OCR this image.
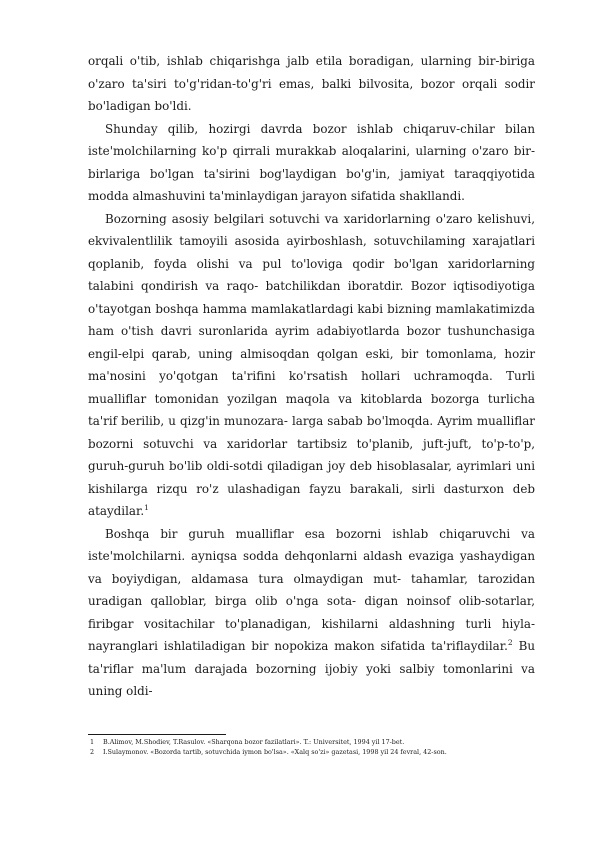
orqali o'tib, ishlab chiqarishga jalb etila boradigan, ularning bir-biriga o'zaro ta'siri to'g'ridan-to'g'ri emas, balki bilvosita, bozor orqali sodir bo'ladigan bo'ldi.

Shunday qilib, hozirgi davrda bozor ishlab chiqaruv-chilar bilan iste'molchilarning ko'p qirrali murakkab aloqalarini, ularning o'zaro bir-birlariga bo'lgan ta'sirini bog'laydigan bo'g'in, jamiyat taraqqiyotida modda almashuvini ta'minlaydigan jarayon sifatida shakllandi.

Bozorning asosiy belgilari sotuvchi va xaridorlarning o'zaro kelishuvi, ekvivalentlilik tamoyili asosida ayirboshlash, sotuvchilaming xarajatlari qoplanib, foyda olishi va pul to'loviga qodir bo'lgan xaridorlarning talabini qondirish va raqo- batchilikdan iboratdir. Bozor iqtisodiyotiga o'tayotgan boshqa hamma mamlakatlardagi kabi bizning mamlakatimizda ham o'tish davri suronlarida ayrim adabiyotlarda bozor tushunchasiga engil-elpi qarab, uning almisoqdan qolgan eski, bir tomonlama, hozir ma'nosini yo'qotgan ta'rifini ko'rsatish hollari uchramoqda. Turli mualliflar tomonidan yozilgan maqola va kitoblarda bozorga turlicha ta'rif berilib, u qizg'in munozara- larga sabab bo'lmoqda. Ayrim mualliflar bozorni sotuvchi va xaridorlar tartibsiz to'planib, juft-juft, to'p-to'p, guruh-guruh bo'lib oldi-sotdi qiladigan joy deb hisoblasalar, ayrimlari uni kishilarga rizqu ro'z ulashadigan fayzu barakali, sirli dasturxon deb ataydilar.$^1$

Boshqa bir guruh mualliflar esa bozorni ishlab chiqaruvchi va iste'molchilarni. ayniqsa sodda dehqonlarni aldash evaziga yashaydigan va boyiydigan, aldamasa tura olmaydigan mut- tahamlar, tarozidan uradigan qalloblar, birga olib o'nga sota- digan noinsof olib-sotarlar, firibgar vositachilar to'planadigan, kishilarni aldashning turli hiyla-nayranglari ishlatiladigan bir nopokiza makon sifatida ta'riflaydilar.$^2$ Bu ta'riflar ma'lum darajada bozorning ijobiy yoki salbiy tomonlarini va uning oldi-

1 B.Alimov, M.Shodiev, T.Rasulov. «Sharqona bozor fazilatlari». T.: Universitet, 1994 yil 17-bet.

2 I.Sulaymonov. «Bozorda tartib, sotuvchida iymon bo'lsa». «Xalq so'zi» gazetasi, 1998 yil 24 fevral, 42-son.
